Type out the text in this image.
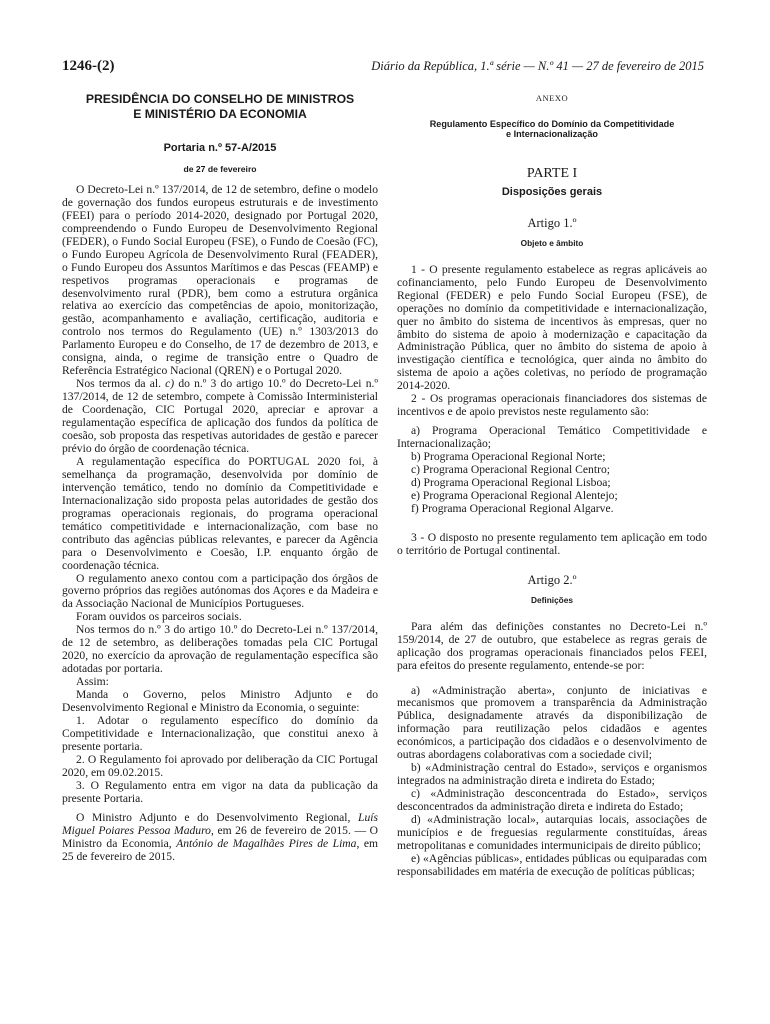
1246-(2)	Diário da República, 1.ª série — N.º 41 — 27 de fevereiro de 2015
PRESIDÊNCIA DO CONSELHO DE MINISTROS
E MINISTÉRIO DA ECONOMIA
Portaria n.º 57-A/2015
de 27 de fevereiro

O Decreto-Lei n.º 137/2014, de 12 de setembro, define o modelo de governação dos fundos europeus estruturais e de investimento (FEEI) para o período 2014-2020, designado por Portugal 2020, compreendendo o Fundo Europeu de Desenvolvimento Regional (FEDER), o Fundo Social Europeu (FSE), o Fundo de Coesão (FC), o Fundo Europeu Agrícola de Desenvolvimento Rural (FEADER), o Fundo Europeu dos Assuntos Marítimos e das Pescas (FEAMP) e respetivos programas operacionais e programas de desenvolvimento rural (PDR), bem como a estrutura orgânica relativa ao exercício das competências de apoio, monitorização, gestão, acompanhamento e avaliação, certificação, auditoria e controlo nos termos do Regulamento (UE) n.º 1303/2013 do Parlamento Europeu e do Conselho, de 17 de dezembro de 2013, e consigna, ainda, o regime de transição entre o Quadro de Referência Estratégico Nacional (QREN) e o Portugal 2020.

Nos termos da al. c) do n.º 3 do artigo 10.º do Decreto-Lei n.º 137/2014, de 12 de setembro, compete à Comissão Interministerial de Coordenação, CIC Portugal 2020, apreciar e aprovar a regulamentação específica de aplicação dos fundos da política de coesão, sob proposta das respetivas autoridades de gestão e parecer prévio do órgão de coordenação técnica.

A regulamentação específica do PORTUGAL 2020 foi, à semelhança da programação, desenvolvida por domínio de intervenção temático, tendo no domínio da Competitividade e Internacionalização sido proposta pelas autoridades de gestão dos programas operacionais regionais, do programa operacional temático competitividade e internacionalização, com base no contributo das agências públicas relevantes, e parecer da Agência para o Desenvolvimento e Coesão, I.P. enquanto órgão de coordenação técnica.

O regulamento anexo contou com a participação dos órgãos de governo próprios das regiões autónomas dos Açores e da Madeira e da Associação Nacional de Municípios Portugueses.

Foram ouvidos os parceiros sociais.

Nos termos do n.º 3 do artigo 10.º do Decreto-Lei n.º 137/2014, de 12 de setembro, as deliberações tomadas pela CIC Portugal 2020, no exercício da aprovação de regulamentação específica são adotadas por portaria.

Assim:

Manda o Governo, pelos Ministro Adjunto e do Desenvolvimento Regional e Ministro da Economia, o seguinte:

1. Adotar o regulamento específico do domínio da Competitividade e Internacionalização, que constitui anexo à presente portaria.

2. O Regulamento foi aprovado por deliberação da CIC Portugal 2020, em 09.02.2015.

3. O Regulamento entra em vigor na data da publicação da presente Portaria.

O Ministro Adjunto e do Desenvolvimento Regional, Luís Miguel Poiares Pessoa Maduro, em 26 de fevereiro de 2015. — O Ministro da Economia, António de Magalhães Pires de Lima, em 25 de fevereiro de 2015.

ANEXO
Regulamento Específico do Domínio da Competitividade
e Internacionalização
PARTE I
Disposições gerais
Artigo 1.º
Objeto e âmbito

1 - O presente regulamento estabelece as regras aplicáveis ao cofinanciamento, pelo Fundo Europeu de Desenvolvimento Regional (FEDER) e pelo Fundo Social Europeu (FSE), de operações no domínio da competitividade e internacionalização, quer no âmbito do sistema de incentivos às empresas, quer no âmbito do sistema de apoio à modernização e capacitação da Administração Pública, quer no âmbito do sistema de apoio à investigação científica e tecnológica, quer ainda no âmbito do sistema de apoio a ações coletivas, no período de programação 2014-2020.

2 - Os programas operacionais financiadores dos sistemas de incentivos e de apoio previstos neste regulamento são:

a) Programa Operacional Temático Competitividade e Internacionalização;

b) Programa Operacional Regional Norte;

c) Programa Operacional Regional Centro;

d) Programa Operacional Regional Lisboa;

e) Programa Operacional Regional Alentejo;

f) Programa Operacional Regional Algarve.

3 - O disposto no presente regulamento tem aplicação em todo o território de Portugal continental.

Artigo 2.º
Definições

Para além das definições constantes no Decreto-Lei n.º 159/2014, de 27 de outubro, que estabelece as regras gerais de aplicação dos programas operacionais financiados pelos FEEI, para efeitos do presente regulamento, entende-se por:

a) «Administração aberta», conjunto de iniciativas e mecanismos que promovem a transparência da Administração Pública, designadamente através da disponibilização de informação para reutilização pelos cidadãos e agentes económicos, a participação dos cidadãos e o desenvolvimento de outras abordagens colaborativas com a sociedade civil;

b) «Administração central do Estado», serviços e organismos integrados na administração direta e indireta do Estado;

c) «Administração desconcentrada do Estado», serviços desconcentrados da administração direta e indireta do Estado;

d) «Administração local», autarquias locais, associações de municípios e de freguesias regularmente constituídas, áreas metropolitanas e comunidades intermunicipais de direito público;

e) «Agências públicas», entidades públicas ou equiparadas com responsabilidades em matéria de execução de políticas públicas;
